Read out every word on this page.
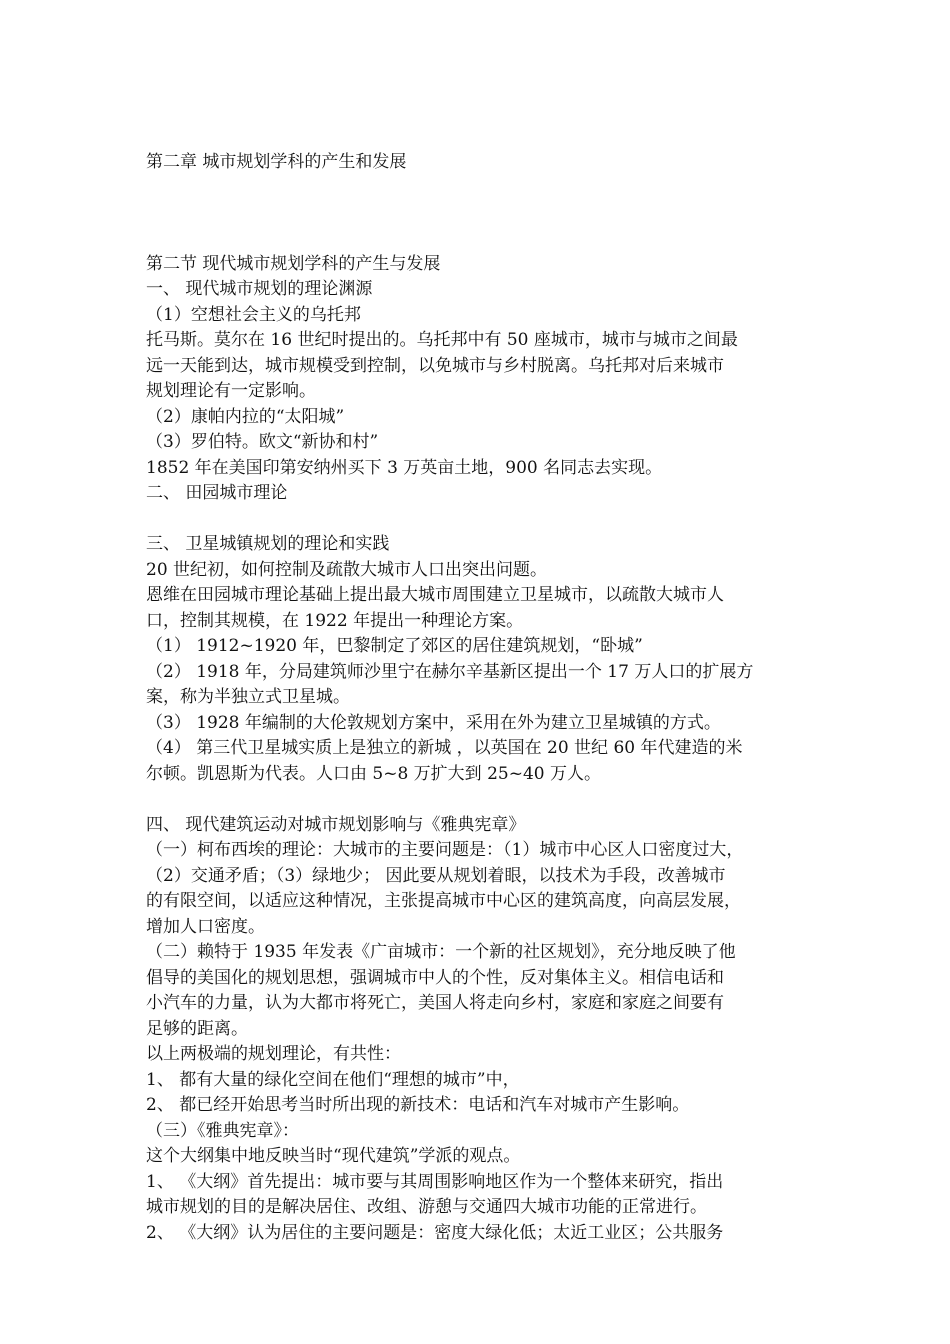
第二章 城市规划学科的产生和发展

第二节 现代城市规划学科的产生与发展

一、 现代城市规划的理论渊源

（1）空想社会主义的乌托邦

托马斯。莫尔在 16 世纪时提出的。乌托邦中有 50 座城市，城市与城市之间最

远一天能到达，城市规模受到控制，以免城市与乡村脱离。乌托邦对后来城市

规划理论有一定影响。

（2）康帕内拉的“太阳城”

（3）罗伯特。欧文“新协和村”

1852 年在美国印第安纳州买下 3 万英亩土地，900 名同志去实现。

二、 田园城市理论

三、 卫星城镇规划的理论和实践

20 世纪初，如何控制及疏散大城市人口出突出问题。

恩维在田园城市理论基础上提出最大城市周围建立卫星城市，以疏散大城市人

口，控制其规模，在 1922 年提出一种理论方案。

（1） 1912~1920 年，巴黎制定了郊区的居住建筑规划，“卧城”

（2） 1918 年，分局建筑师沙里宁在赫尔辛基新区提出一个 17 万人口的扩展方

案，称为半独立式卫星城。

（3） 1928 年编制的大伦敦规划方案中，采用在外为建立卫星城镇的方式。

（4） 第三代卫星城实质上是独立的新城 ，以英国在 20 世纪 60 年代建造的米

尔顿。凯恩斯为代表。人口由 5~8 万扩大到 25~40 万人。

四、 现代建筑运动对城市规划影响与《雅典宪章》

（一）柯布西埃的理论：大城市的主要问题是：（1）城市中心区人口密度过大，

（2）交通矛盾；（3）绿地少； 因此要从规划着眼，以技术为手段，改善城市

的有限空间，以适应这种情况，主张提高城市中心区的建筑高度，向高层发展，

增加人口密度。

（二）赖特于 1935 年发表《广亩城市：一个新的社区规划》，充分地反映了他

倡导的美国化的规划思想，强调城市中人的个性，反对集体主义。相信电话和

小汽车的力量，认为大都市将死亡，美国人将走向乡村，家庭和家庭之间要有

足够的距离。

以上两极端的规划理论，有共性：

1、 都有大量的绿化空间在他们“理想的城市”中，

2、 都已经开始思考当时所出现的新技术：电话和汽车对城市产生影响。

（三）《雅典宪章》：

这个大纲集中地反映当时“现代建筑”学派的观点。

1、 《大纲》首先提出：城市要与其周围影响地区作为一个整体来研究，指出

城市规划的目的是解决居住、改组、游憩与交通四大城市功能的正常进行。

2、 《大纲》认为居住的主要问题是：密度大绿化低；太近工业区；公共服务
